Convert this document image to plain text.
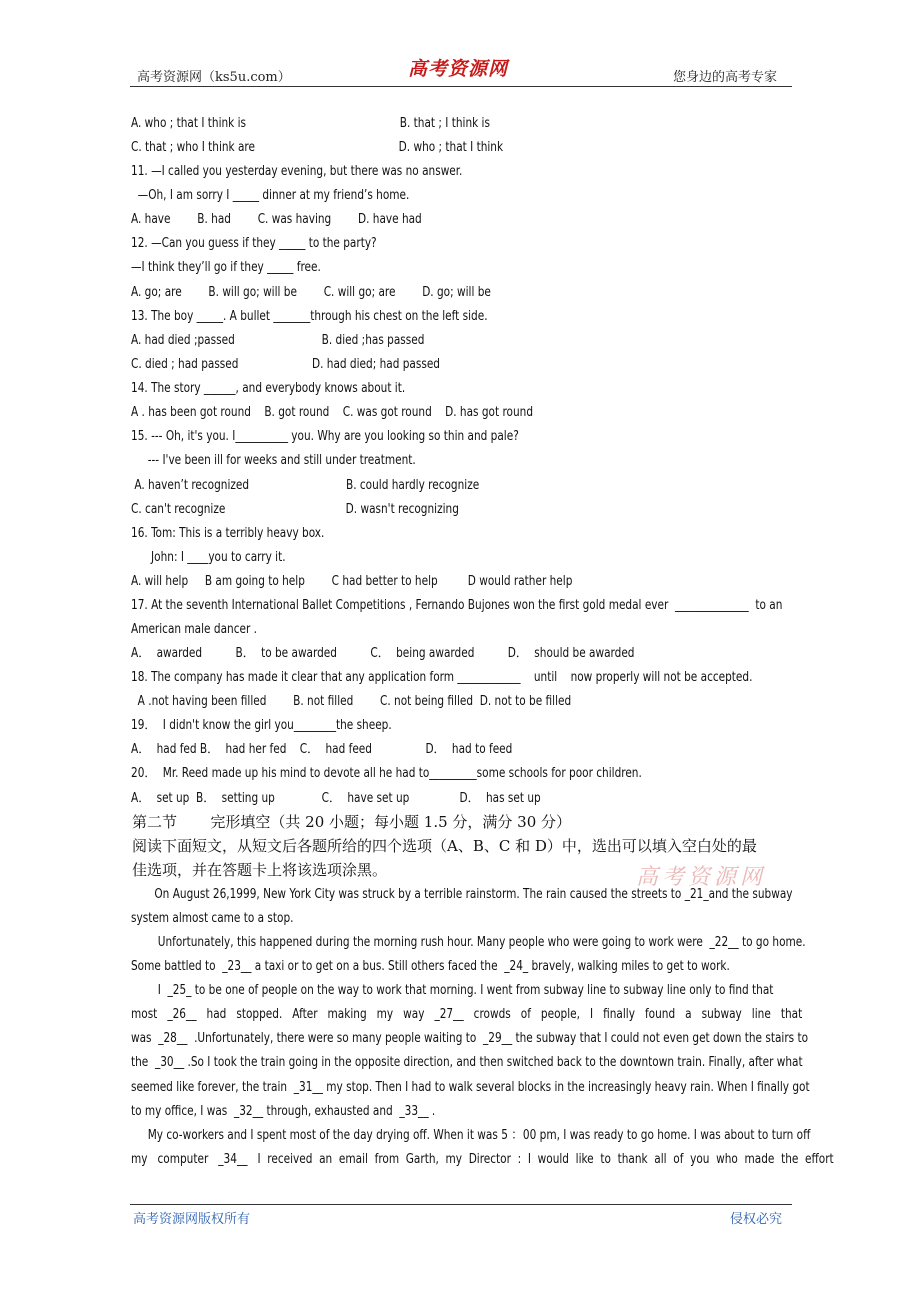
高考资源网（ks5u.com）	高考资源网	您身边的高考专家
A. who ; that I think is                                              B. that ; I think is
C. that ; who I think are                                           D. who ; that I think
11. —I called you yesterday evening, but there was no answer.
—Oh, I am sorry I _____ dinner at my friend’s home.
A. have        B. had        C. was having        D. have had
12. —Can you guess if they _____ to the party?
—I think they’ll go if they _____ free.
A. go; are        B. will go; will be        C. will go; are        D. go; will be
13. The boy _____. A bullet _______through his chest on the left side.
A. had died ;passed                          B. died ;has passed
C. died ; had passed                      D. had died; had passed
14. The story ______, and everybody knows about it.
A . has been got round    B. got round    C. was got round    D. has got round
15. --- Oh, it's you. I__________ you. Why are you looking so thin and pale?
--- I've been ill for weeks and still under treatment.
A. haven’t recognized                             B. could hardly recognize
C. can't recognize                                    D. wasn't recognizing
16. Tom: This is a terribly heavy box.
John: I ____you to carry it.
A. will help     B am going to help        C had better to help         D would rather help
17. At the seventh International Ballet Competitions , Fernando Bujones won the first gold medal ever  ______________  to an
American male dancer .
A．  awarded          B．  to be awarded          C．  being awarded          D．  should be awarded
18. The company has made it clear that any application form ____________    until    now properly will not be accepted.
A .not having been filled        B. not filled        C. not being filled  D. not to be filled
19．  I didn't know the girl you________the sheep.
A．  had fed B．  had her fed    C．  had feed                D．  had to feed
20．  Mr. Reed made up his mind to devote all he had to_________some schools for poor children.
A．  set up  B．  setting up              C．  have set up               D．  has set up
第二节       完形填空（共 20 小题；每小题 1.5 分，满分 30 分）
阅读下面短文，从短文后各题所给的四个选项（A、B、C 和 D）中，选出可以填入空白处的最
佳选项，并在答题卡上将该选项涂黑。	高考资源网
On August 26,1999, New York City was struck by a terrible rainstorm. The rain caused the streets to _21_and the subway
system almost came to a stop.
Unfortunately, this happened during the morning rush hour. Many people who were going to work were  _22__ to go home.
Some battled to  _23__ a taxi or to get on a bus. Still others faced the  _24_ bravely, walking miles to get to work.
I  _25_ to be one of people on the way to work that morning. I went from subway line to subway line only to find that
most   _26__   had   stopped.   After   making   my   way   _27__   crowds   of   people,   I   finally   found   a   subway   line   that
was  _28__  .Unfortunately, there were so many people waiting to  _29__ the subway that I could not even get down the stairs to
the  _30__ .So I took the train going in the opposite direction, and then switched back to the downtown train. Finally, after what
seemed like forever, the train  _31__ my stop. Then I had to walk several blocks in the increasingly heavy rain. When I finally got
to my office, I was  _32__ through, exhausted and  _33__ .
My co-workers and I spent most of the day drying off. When it was 5 ：00 pm, I was ready to go home. I was about to turn off
my   computer   _34__   I  received  an  email  from  Garth,  my  Director  :  I  would  like  to  thank  all  of  you  who  made  the  effort
高考资源网版权所有	侵权必究
